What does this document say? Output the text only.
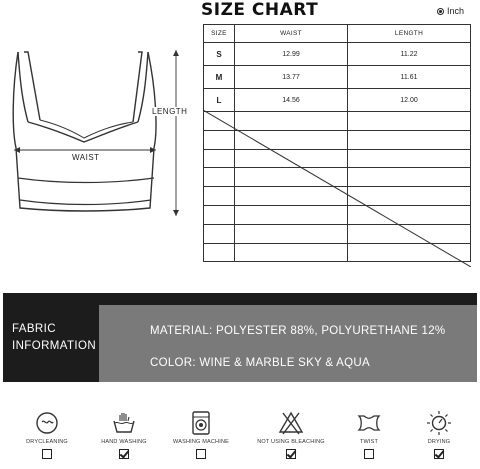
WAIST
LENGTH
SIZE CHART	Inch
SIZE	WAIST	LENGTH
S	12.99	11.22
M	13.77	11.61
L	14.56	12.00

FABRIC
INFORMATION
MATERIAL: POLYESTER 88%, POLYURETHANE 12%
COLOR: WINE & MARBLE SKY & AQUA
DRYCLEANING	HAND WASHING	WASHING MACHINE	NOT USING BLEACHING	TWIST	DRYING
